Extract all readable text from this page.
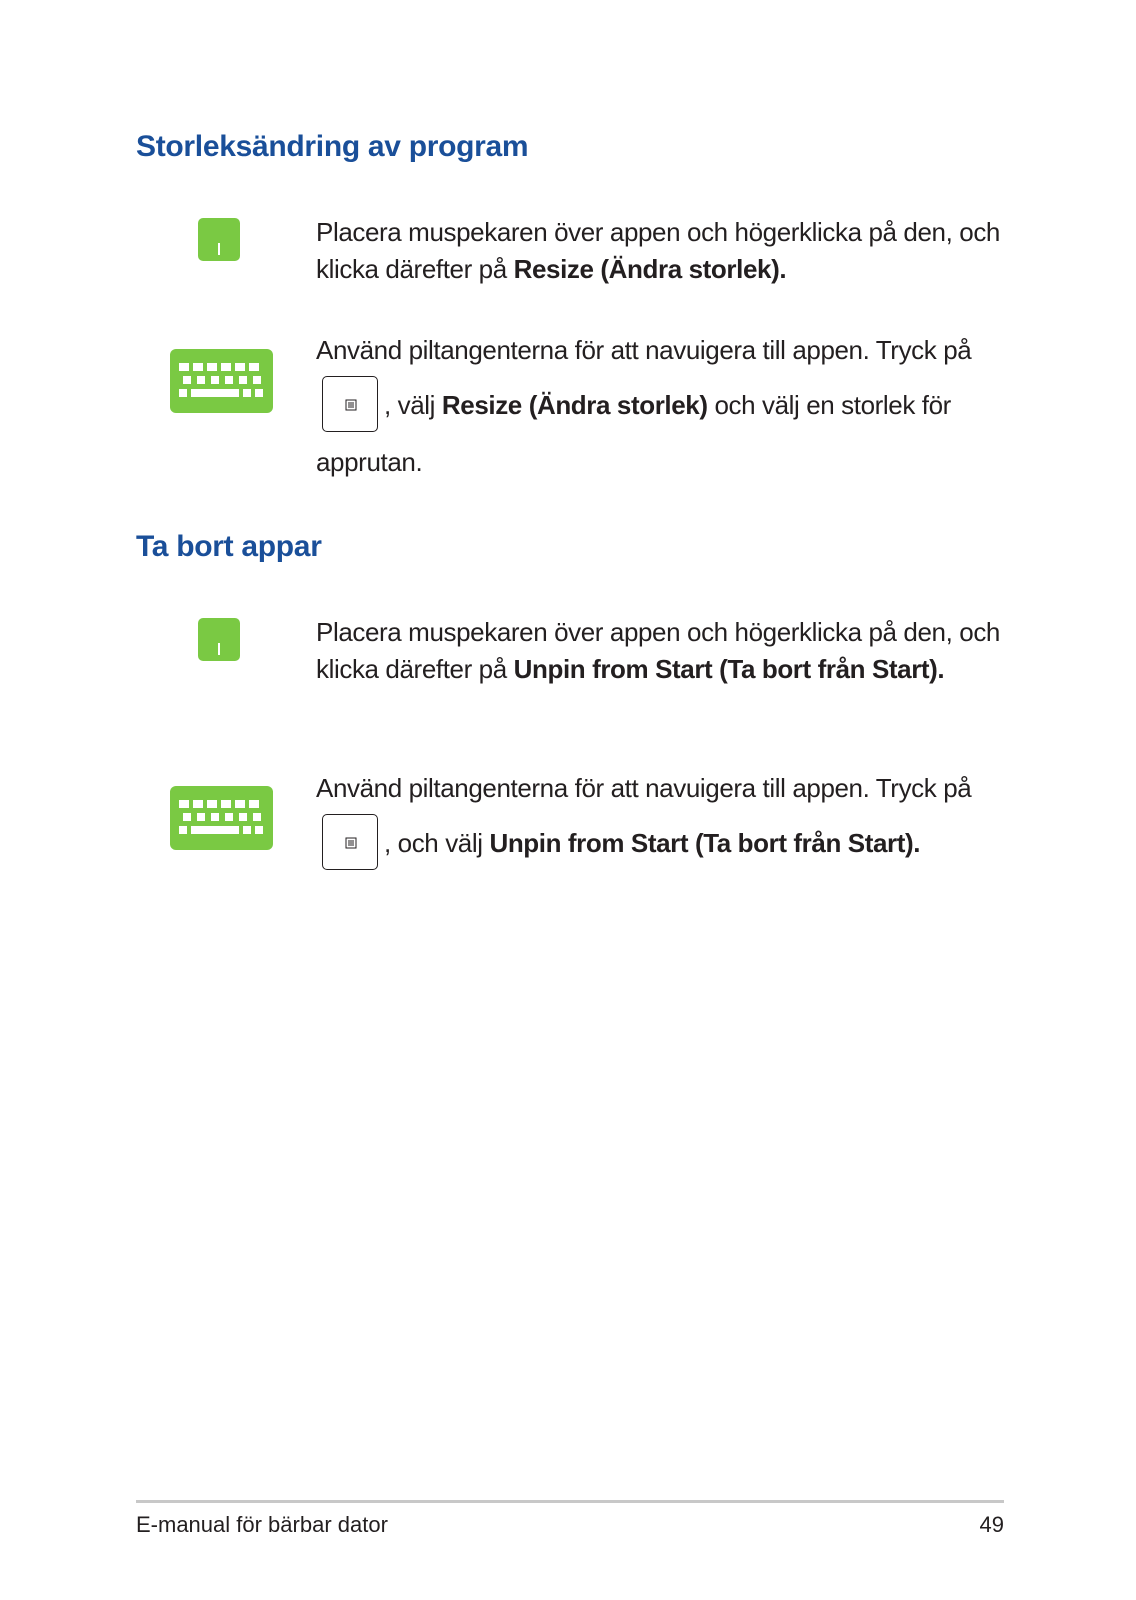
Storleksändring av program

Placera muspekaren över appen och högerklicka på den, och klicka därefter på Resize (Ändra storlek).

Använd piltangenterna för att navuigera till appen. Tryck på
, välj Resize (Ändra storlek) och välj en storlek för apprutan.

Ta bort appar

Placera muspekaren över appen och högerklicka på den, och klicka därefter på Unpin from Start (Ta bort från Start).

Använd piltangenterna för att navuigera till appen. Tryck på
, och välj Unpin from Start (Ta bort från Start).

E-manual för bärbar dator	49
